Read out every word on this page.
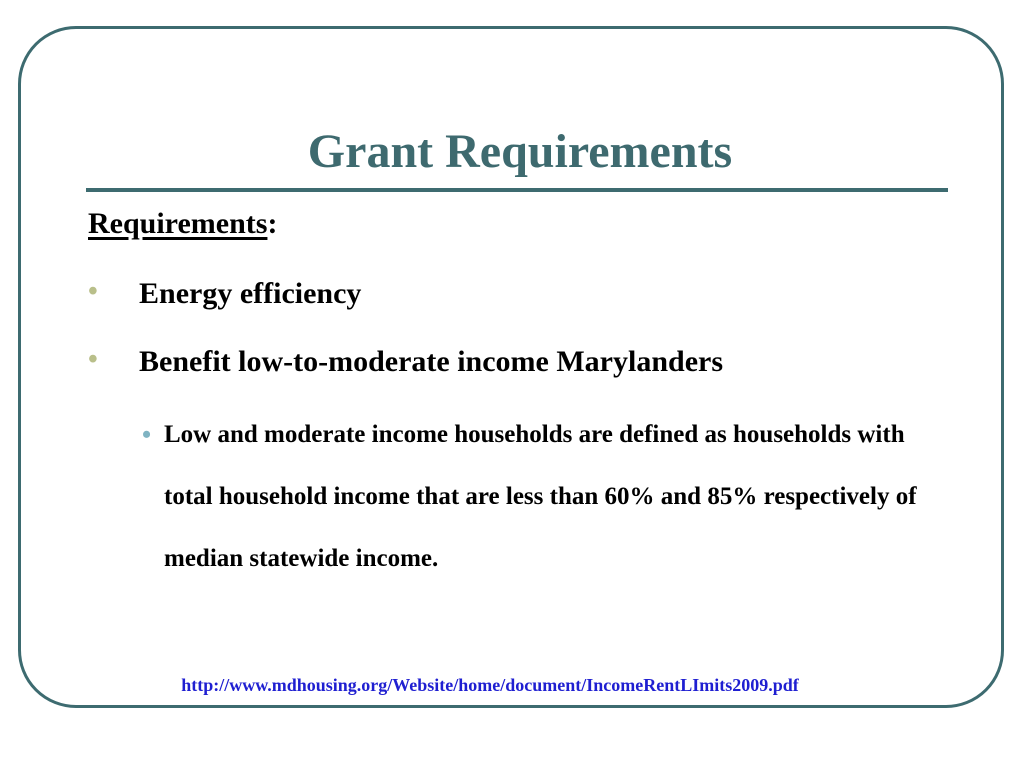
Grant Requirements
Requirements:
• Energy efficiency
• Benefit low-to-moderate income Marylanders
• Low and moderate income households are defined as households with total household income that are less than 60% and 85% respectively of median statewide income.
http://www.mdhousing.org/Website/home/document/IncomeRentLImits2009.pdf
